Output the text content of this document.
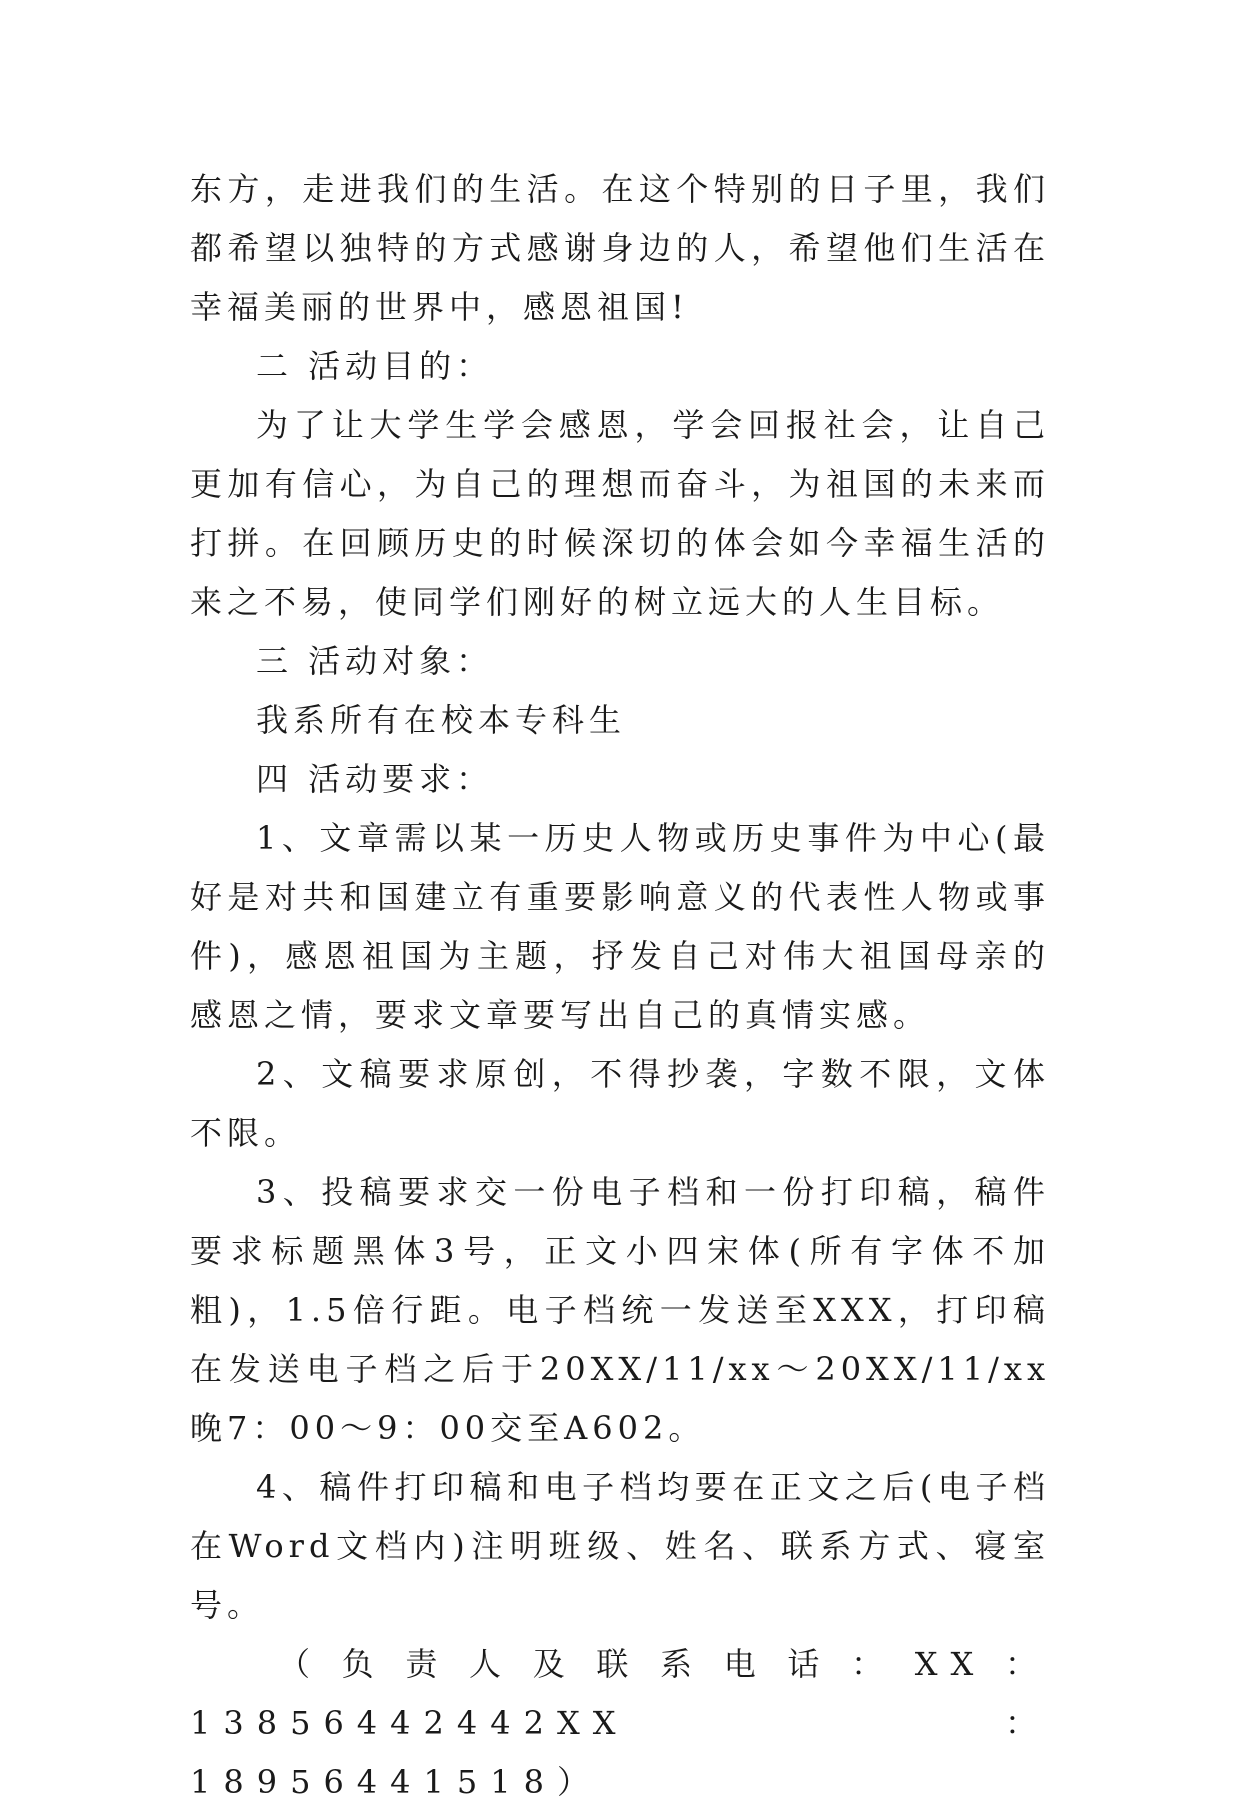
东方，走进我们的生活。在这个特别的日子里，我们都希望以独特的方式感谢身边的人，希望他们生活在幸福美丽的世界中，感恩祖国!

二 活动目的：

为了让大学生学会感恩，学会回报社会，让自己更加有信心，为自己的理想而奋斗，为祖国的未来而打拼。在回顾历史的时候深切的体会如今幸福生活的来之不易，使同学们刚好的树立远大的人生目标。

三 活动对象：

我系所有在校本专科生

四 活动要求：

1、文章需以某一历史人物或历史事件为中心(最好是对共和国建立有重要影响意义的代表性人物或事件)，感恩祖国为主题，抒发自己对伟大祖国母亲的感恩之情，要求文章要写出自己的真情实感。

2、文稿要求原创，不得抄袭，字数不限，文体不限。

3、投稿要求交一份电子档和一份打印稿，稿件要求标题黑体3号，正文小四宋体(所有字体不加粗)，1.5倍行距。电子档统一发送至XXX，打印稿在发送电子档之后于20XX/11/xx～20XX/11/xx晚7：00～9：00交至A602。

4、稿件打印稿和电子档均要在正文之后(电子档在Word文档内)注明班级、姓名、联系方式、寝室号。

（负责人及联系电话：XX：13856442442XX：18956441518）
